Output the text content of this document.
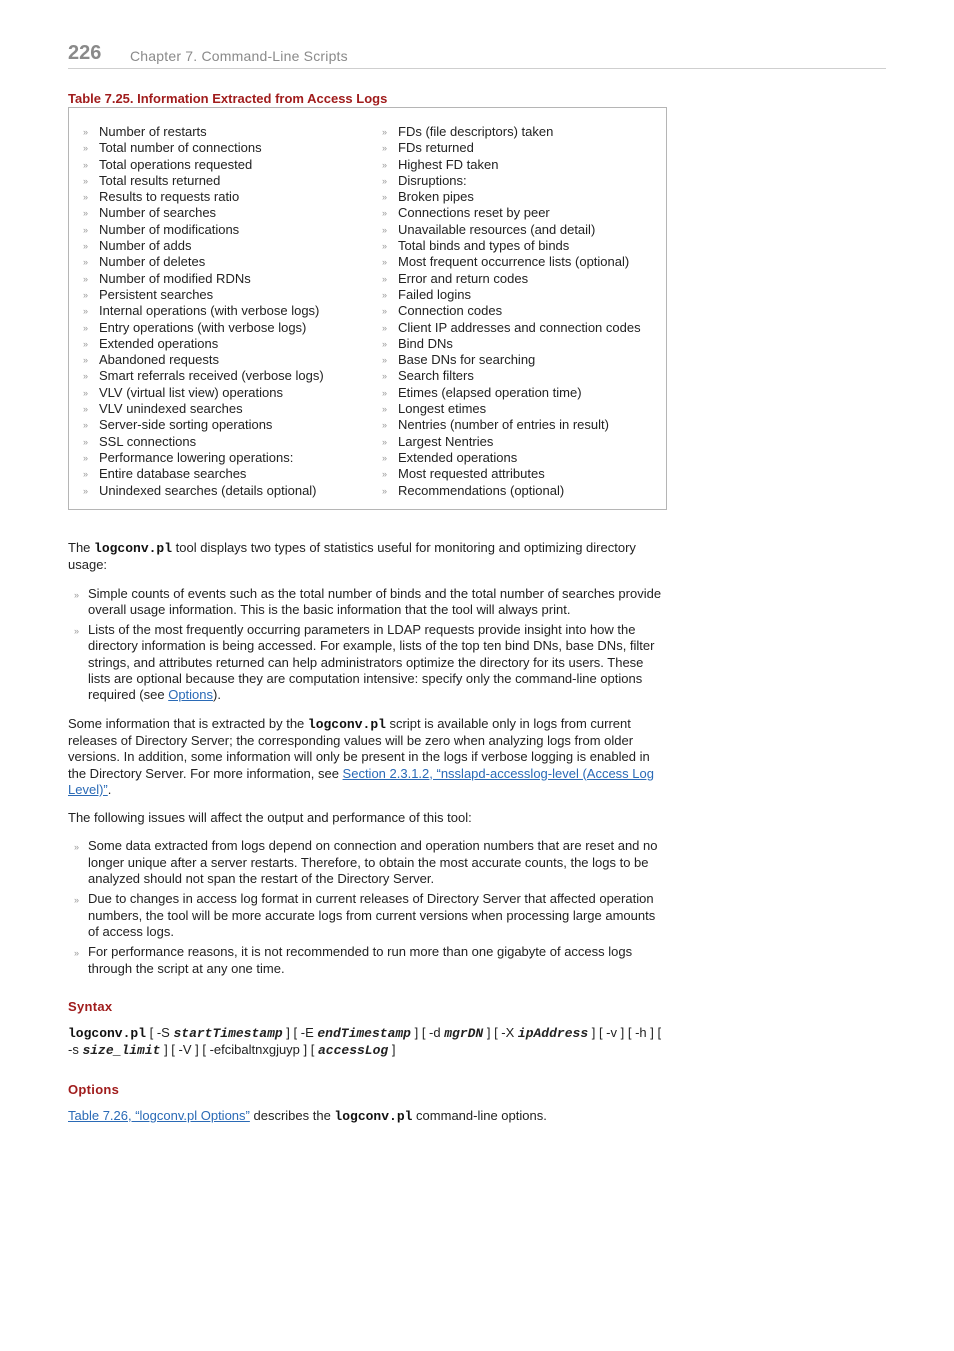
226 Chapter 7. Command-Line Scripts
Table 7.25. Information Extracted from Access Logs
» Number of restarts
» Total number of connections
» Total operations requested
» Total results returned
» Results to requests ratio
» Number of searches
» Number of modifications
» Number of adds
» Number of deletes
» Number of modified RDNs
» Persistent searches
» Internal operations (with verbose logs)
» Entry operations (with verbose logs)
» Extended operations
» Abandoned requests
» Smart referrals received (verbose logs)
» VLV (virtual list view) operations
» VLV unindexed searches
» Server-side sorting operations
» SSL connections
» Performance lowering operations:
» Entire database searches
» Unindexed searches (details optional)
» FDs (file descriptors) taken
» FDs returned
» Highest FD taken
» Disruptions:
» Broken pipes
» Connections reset by peer
» Unavailable resources (and detail)
» Total binds and types of binds
» Most frequent occurrence lists (optional)
» Error and return codes
» Failed logins
» Connection codes
» Client IP addresses and connection codes
» Bind DNs
» Base DNs for searching
» Search filters
» Etimes (elapsed operation time)
» Longest etimes
» Nentries (number of entries in result)
» Largest Nentries
» Extended operations
» Most requested attributes
» Recommendations (optional)

The logconv.pl tool displays two types of statistics useful for monitoring and optimizing directory usage:

» Simple counts of events such as the total number of binds and the total number of searches provide overall usage information. This is the basic information that the tool will always print.
» Lists of the most frequently occurring parameters in LDAP requests provide insight into how the directory information is being accessed. For example, lists of the top ten bind DNs, base DNs, filter strings, and attributes returned can help administrators optimize the directory for its users. These lists are optional because they are computation intensive: specify only the command-line options required (see Options).

Some information that is extracted by the logconv.pl script is available only in logs from current releases of Directory Server; the corresponding values will be zero when analyzing logs from older versions. In addition, some information will only be present in the logs if verbose logging is enabled in the Directory Server. For more information, see Section 2.3.1.2, “nsslapd-accesslog-level (Access Log Level)”.

The following issues will affect the output and performance of this tool:

» Some data extracted from logs depend on connection and operation numbers that are reset and no longer unique after a server restarts. Therefore, to obtain the most accurate counts, the logs to be analyzed should not span the restart of the Directory Server.
» Due to changes in access log format in current releases of Directory Server that affected operation numbers, the tool will be more accurate logs from current versions when processing large amounts of access logs.
» For performance reasons, it is not recommended to run more than one gigabyte of access logs through the script at any one time.
Syntax

logconv.pl [ -S startTimestamp ] [ -E endTimestamp ] [ -d mgrDN ] [ -X ipAddress ] [ -v ] [ -h ] [ -s size_limit ] [ -V ] [ -efcibaltnxgjuyp ] [ accessLog ]

Options

Table 7.26, “logconv.pl Options” describes the logconv.pl command-line options.
